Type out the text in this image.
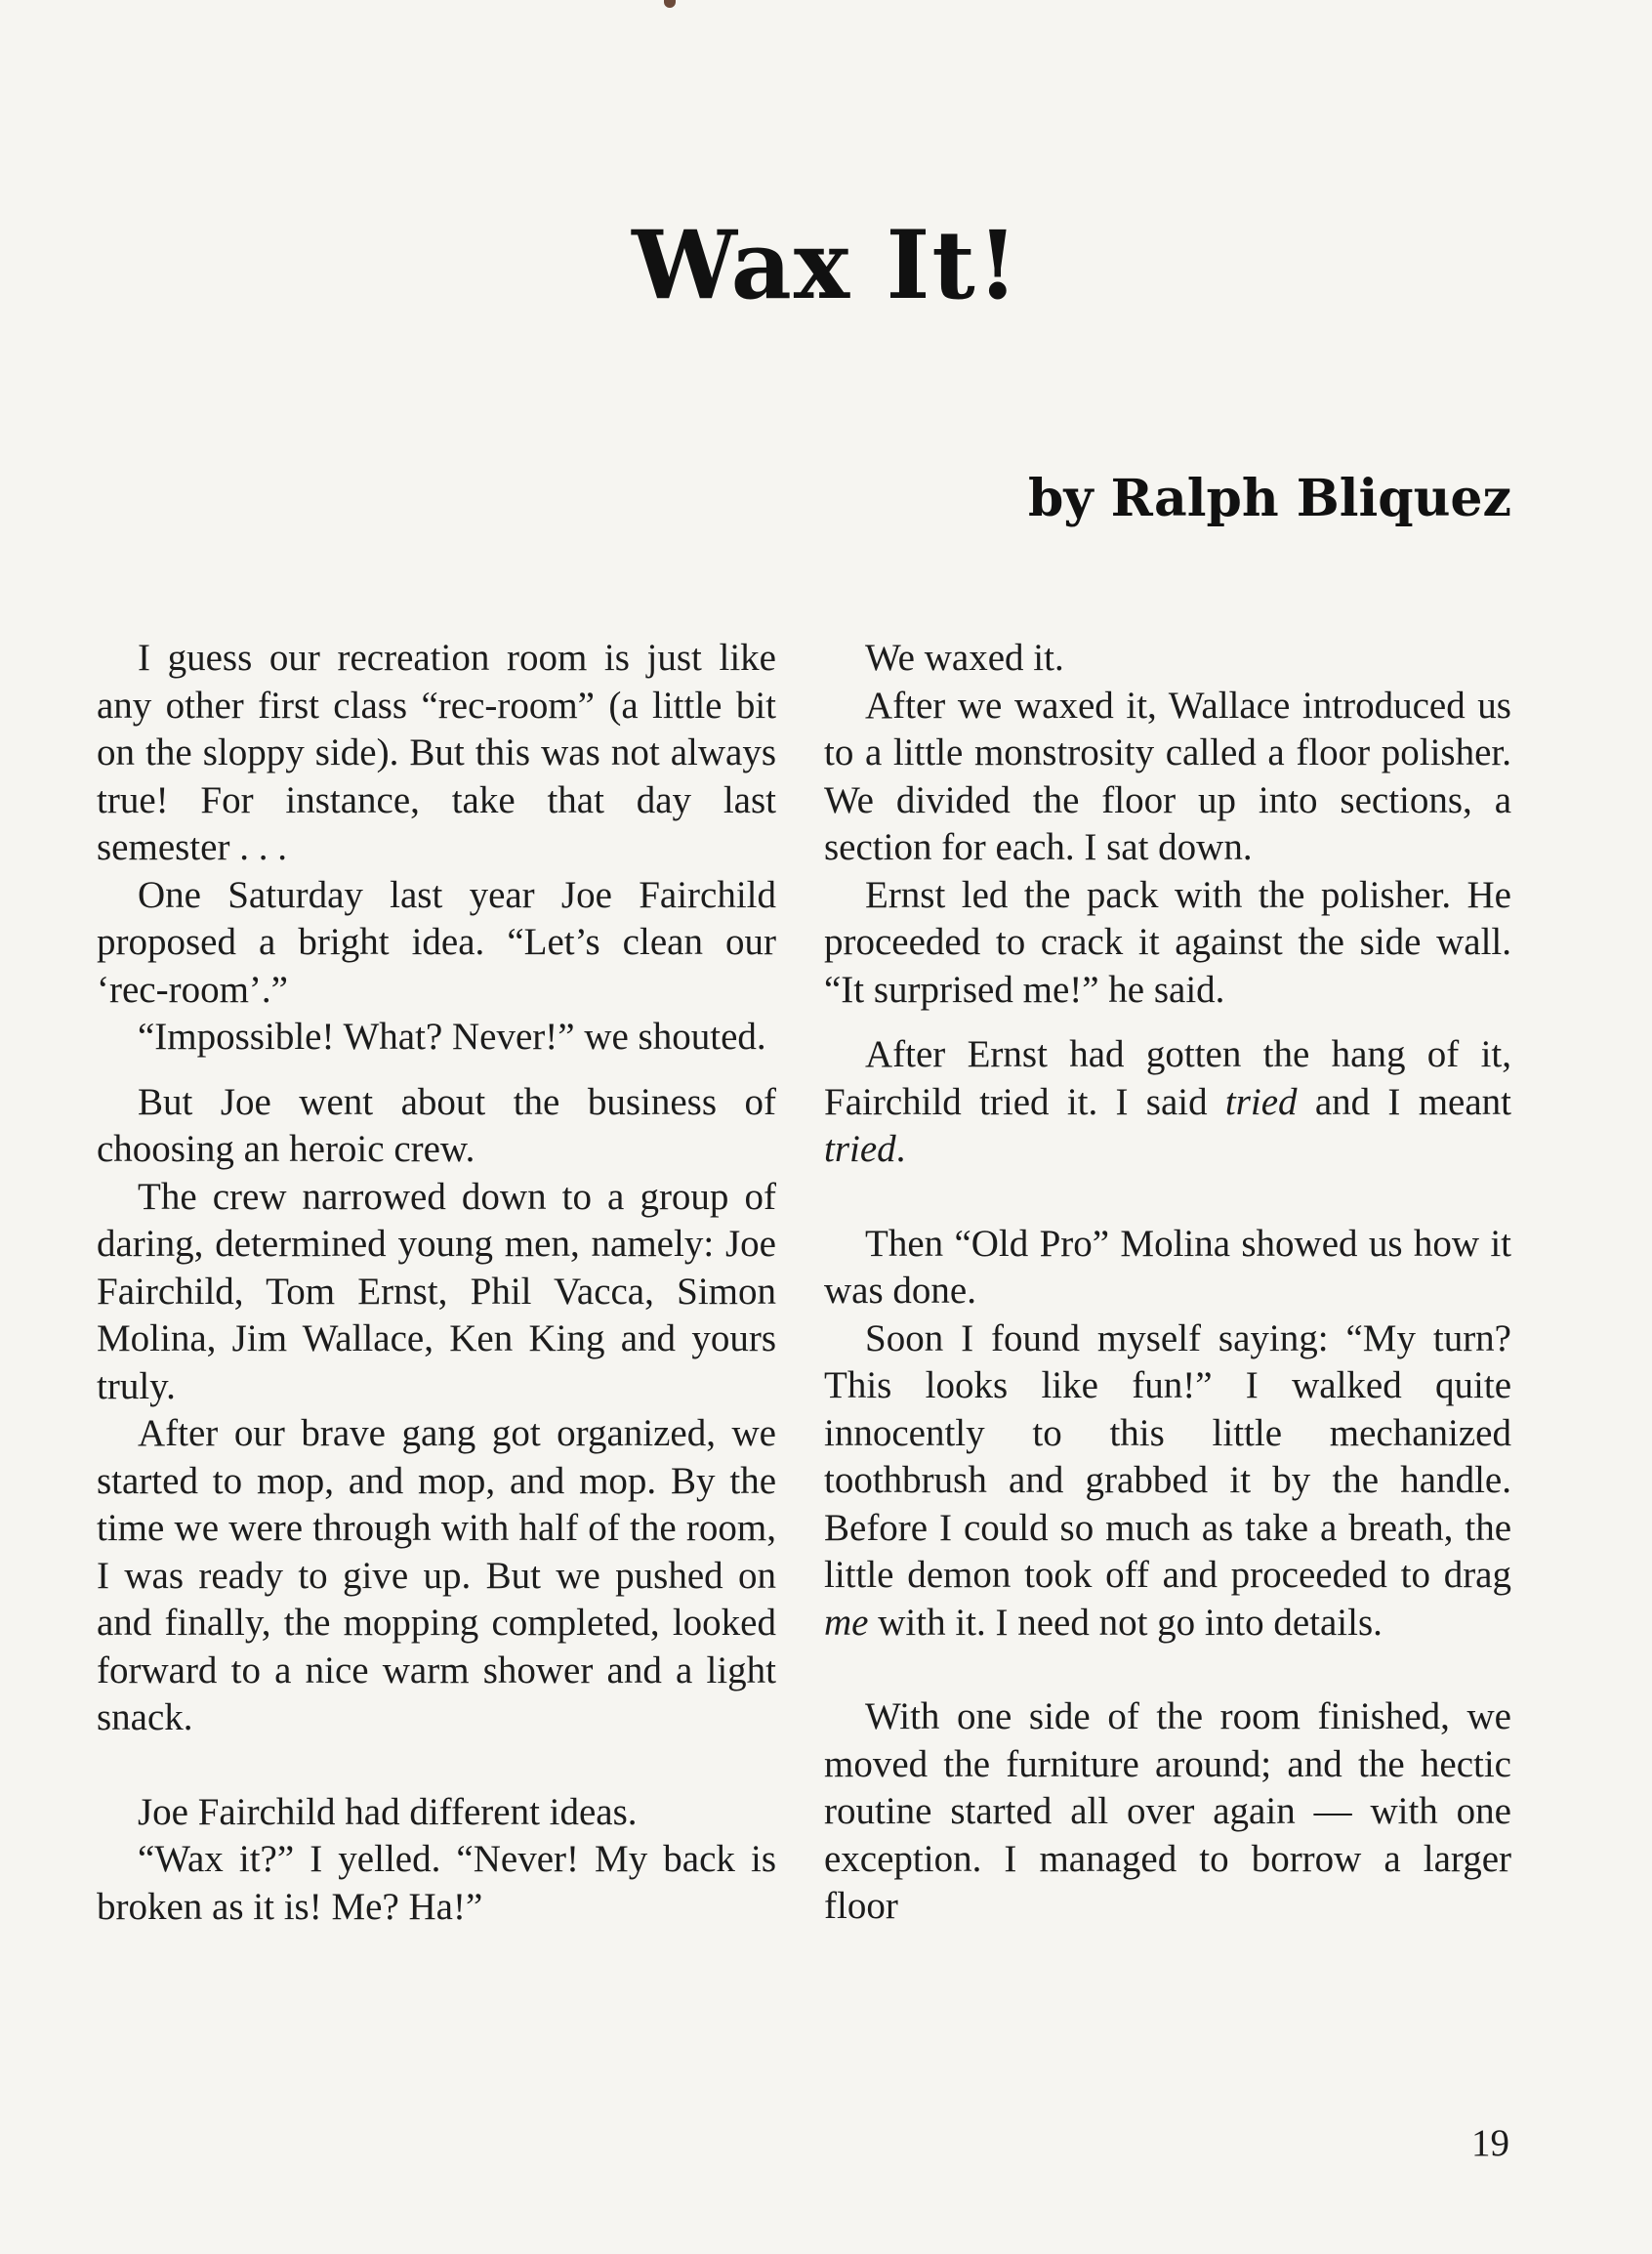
Wax It!
by Ralph Bliquez

I guess our recreation room is just like any other first class “rec-room” (a little bit on the sloppy side). But this was not always true! For instance, take that day last semester . . .

One Saturday last year Joe Fairchild proposed a bright idea. “Let’s clean our ‘rec-room’.”

“Impossible! What? Never!” we shouted.

But Joe went about the business of choosing an heroic crew.

The crew narrowed down to a group of daring, determined young men, namely: Joe Fairchild, Tom Ernst, Phil Vacca, Simon Molina, Jim Wallace, Ken King and yours truly.

After our brave gang got organized, we started to mop, and mop, and mop. By the time we were through with half of the room, I was ready to give up. But we pushed on and finally, the mopping completed, looked forward to a nice warm shower and a light snack.

Joe Fairchild had different ideas.

“Wax it?” I yelled. “Never! My back is broken as it is! Me? Ha!”

We waxed it.

After we waxed it, Wallace introduced us to a little monstrosity called a floor polisher. We divided the floor up into sections, a section for each. I sat down.

Ernst led the pack with the polisher. He proceeded to crack it against the side wall. “It surprised me!” he said.

After Ernst had gotten the hang of it, Fairchild tried it. I said tried and I meant tried.

Then “Old Pro” Molina showed us how it was done.

Soon I found myself saying: “My turn? This looks like fun!” I walked quite innocently to this little mechanized toothbrush and grabbed it by the handle. Before I could so much as take a breath, the little demon took off and proceeded to drag me with it. I need not go into details.

With one side of the room finished, we moved the furniture around; and the hectic routine started all over again — with one exception. I managed to borrow a larger floor

19
